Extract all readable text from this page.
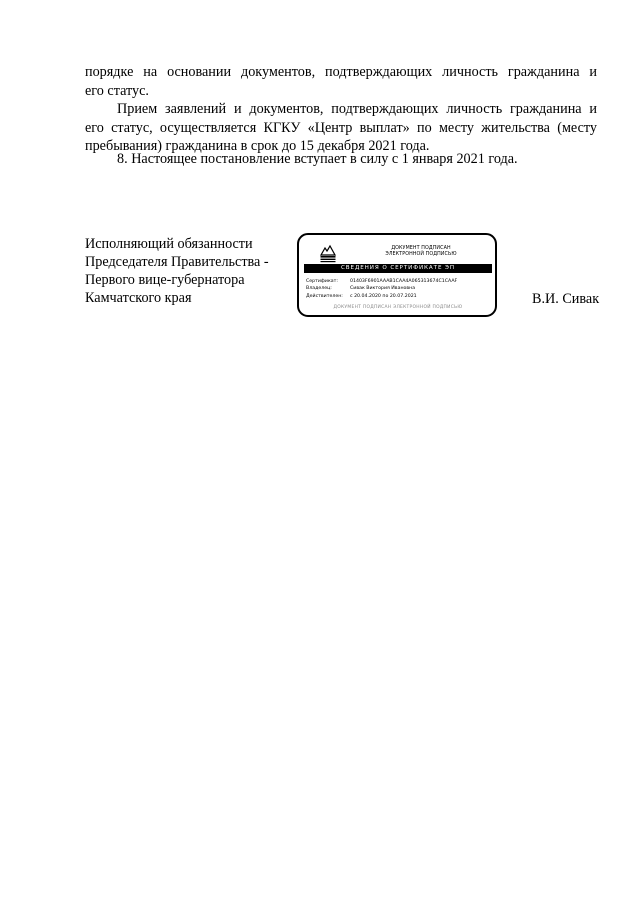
порядке на основании документов, подтверждающих личность гражданина и
его статус.

Прием заявлений и документов, подтверждающих личность гражданина и
его статус, осуществляется КГКУ «Центр выплат» по месту жительства (месту
пребывания) гражданина в срок до 15 декабря 2021 года.

8. Настоящее постановление вступает в силу с 1 января 2021 года.

Исполняющий обязанности
Председателя Правительства -
Первого вице-губернатора
Камчатского края
ДОКУМЕНТ ПОДПИСАН
ЭЛЕКТРОННОЙ ПОДПИСЬЮ
СВЕДЕНИЯ О СЕРТИФИКАТЕ ЭП
Сертификат:	01403F6901AAAB1CAA4A065313674C1CAAF
Владелец:	Сивак Виктория Ивановна
Действителен:	с 20.04.2020 по 20.07.2021
ДОКУМЕНТ ПОДПИСАН ЭЛЕКТРОННОЙ ПОДПИСЬЮ
В.И. Сивак
